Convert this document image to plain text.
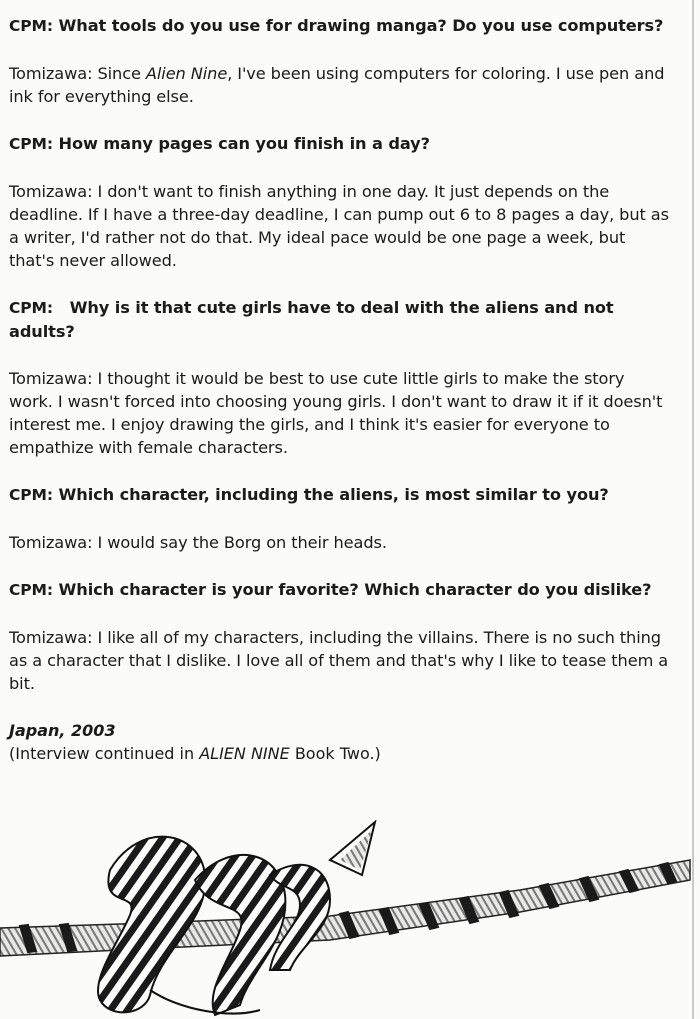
CPM: What tools do you use for drawing manga? Do you use computers?

Tomizawa: Since Alien Nine, I've been using computers for coloring. I use pen and ink for everything else.

CPM: How many pages can you finish in a day?

Tomizawa: I don't want to finish anything in one day. It just depends on the deadline. If I have a three-day deadline, I can pump out 6 to 8 pages a day, but as a writer, I'd rather not do that. My ideal pace would be one page a week, but that's never allowed.

CPM: Why is it that cute girls have to deal with the aliens and not adults?

Tomizawa: I thought it would be best to use cute little girls to make the story work. I wasn't forced into choosing young girls. I don't want to draw it if it doesn't interest me. I enjoy drawing the girls, and I think it's easier for everyone to empathize with female characters.

CPM: Which character, including the aliens, is most similar to you?

Tomizawa: I would say the Borg on their heads.

CPM: Which character is your favorite? Which character do you dislike?

Tomizawa: I like all of my characters, including the villains. There is no such thing as a character that I dislike. I love all of them and that's why I like to tease them a bit.

Japan, 2003

(Interview continued in ALIEN NINE Book Two.)
